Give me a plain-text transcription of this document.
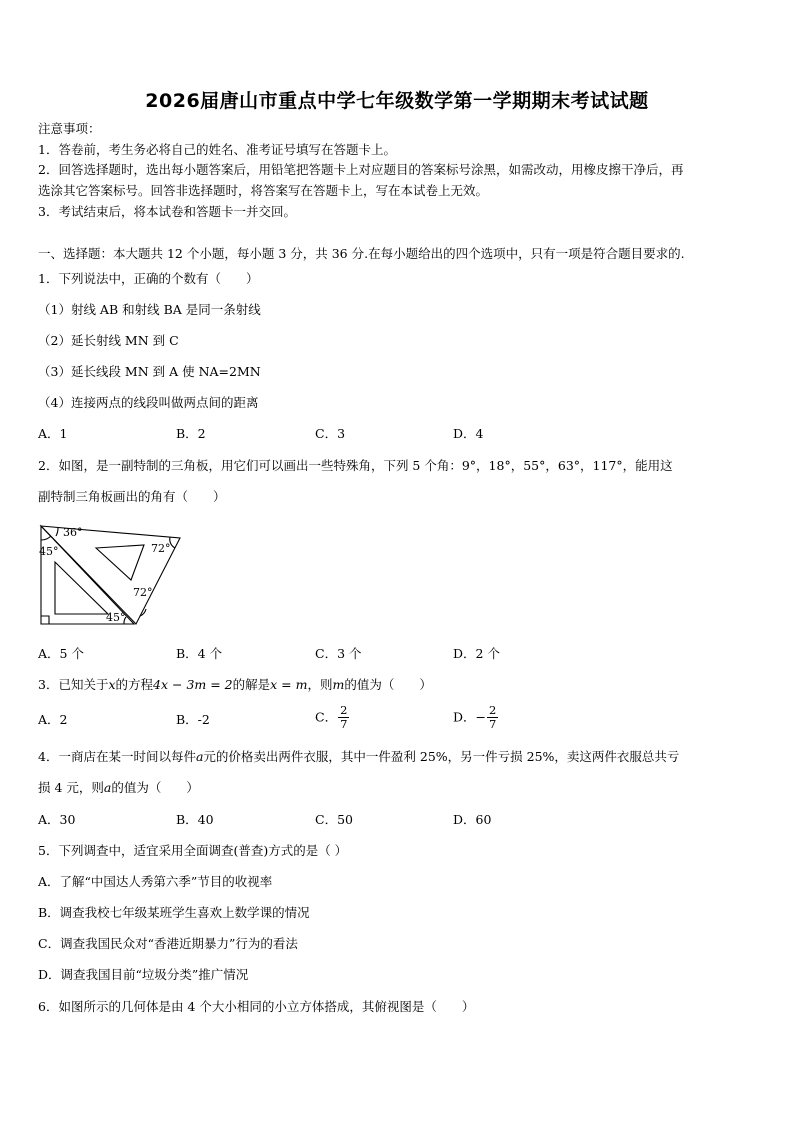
2026届唐山市重点中学七年级数学第一学期期末考试试题
注意事项：
1．答卷前，考生务必将自己的姓名、准考证号填写在答题卡上。
2．回答选择题时，选出每小题答案后，用铅笔把答题卡上对应题目的答案标号涂黑，如需改动，用橡皮擦干净后，再
选涂其它答案标号。回答非选择题时，将答案写在答题卡上，写在本试卷上无效。
3．考试结束后，将本试卷和答题卡一并交回。
一、选择题：本大题共 12 个小题，每小题 3 分，共 36 分.在每小题给出的四个选项中，只有一项是符合题目要求的.
1．下列说法中，正确的个数有（　　）
（1）射线 AB 和射线 BA 是同一条射线
（2）延长射线 MN 到 C
（3）延长线段 MN 到 A 使 NA=2MN
（4）连接两点的线段叫做两点间的距离
A．1	B．2	C．3	D．4
2．如图，是一副特制的三角板，用它们可以画出一些特殊角，下列 5 个角：9°，18°，55°，63°，117°，能用这
副特制三角板画出的角有（　　）
36°
45°	72°
72°
45°
A．5 个	B．4 个	C．3 个	D．2 个
3．已知关于x的方程4x − 3m = 2的解是x = m，则m的值为（　　）
A．2	B．-2	C． $\frac{2}{7}$	D．− $\frac{2}{7}$
4．一商店在某一时间以每件a元的价格卖出两件衣服，其中一件盈利 25%，另一件亏损 25%，卖这两件衣服总共亏
损 4 元，则a的值为（　　）
A．30	B．40	C．50	D．60
5．下列调查中，适宜采用全面调查(普查)方式的是（ ）
A．了解“中国达人秀第六季”节目的收视率
B．调查我校七年级某班学生喜欢上数学课的情况
C．调查我国民众对“香港近期暴力”行为的看法
D．调查我国目前“垃圾分类”推广情况
6．如图所示的几何体是由 4 个大小相同的小立方体搭成，其俯视图是（　　）
